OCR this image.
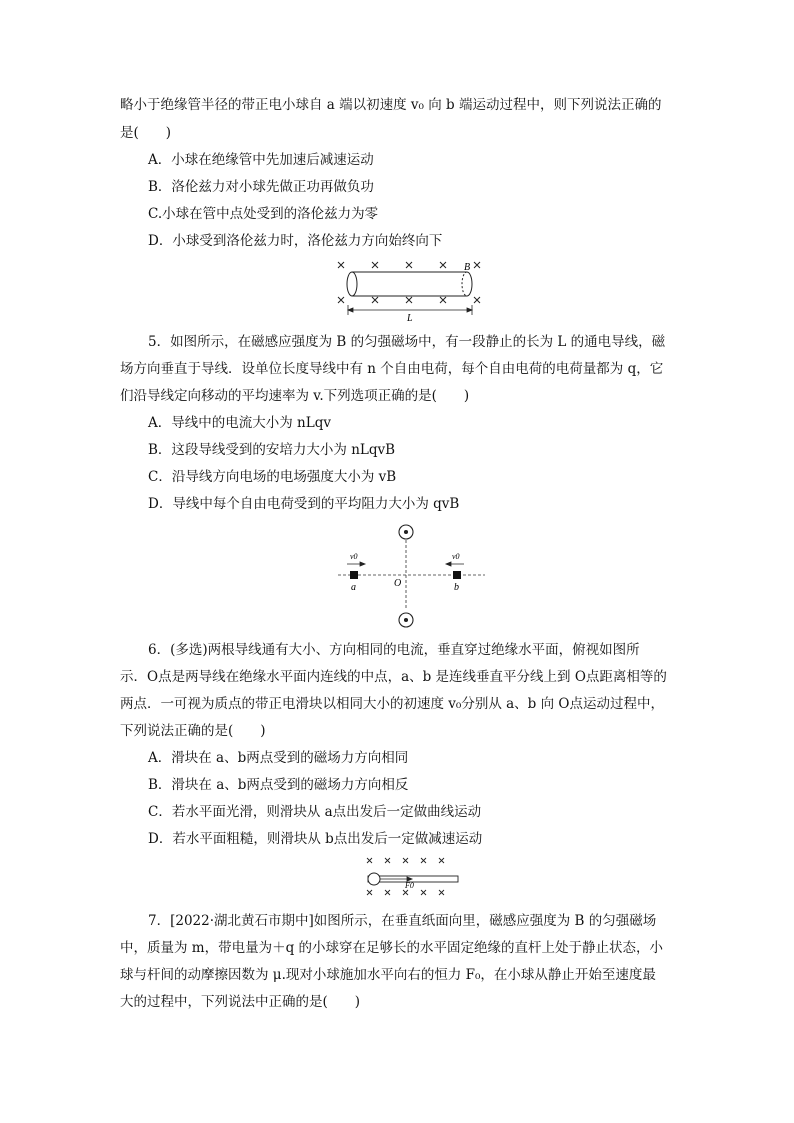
略小于绝缘管半径的带正电小球自 a 端以初速度 v₀ 向 b 端运动过程中，则下列说法正确的
是(　　)
A．小球在绝缘管中先加速后减速运动
B．洛伦兹力对小球先做正功再做负功
C.小球在管中点处受到的洛伦兹力为零
D．小球受到洛伦兹力时，洛伦兹力方向始终向下
B
L
5．如图所示，在磁感应强度为 B 的匀强磁场中，有一段静止的长为 L 的通电导线，磁
场方向垂直于导线．设单位长度导线中有 n 个自由电荷，每个自由电荷的电荷量都为 q，它
们沿导线定向移动的平均速率为 v.下列选项正确的是(　　)
A．导线中的电流大小为 nLqv
B．这段导线受到的安培力大小为 nLqvB
C．沿导线方向电场的电场强度大小为 vB
D．导线中每个自由电荷受到的平均阻力大小为 qvB
v0	v0
a	O	b
6．(多选)两根导线通有大小、方向相同的电流，垂直穿过绝缘水平面，俯视如图所
示．O点是两导线在绝缘水平面内连线的中点，a、b 是连线垂直平分线上到 O点距离相等的
两点．一可视为质点的带正电滑块以相同大小的初速度 v₀分别从 a、b 向 O点运动过程中，
下列说法正确的是(　　)
A．滑块在 a、b两点受到的磁场力方向相同
B．滑块在 a、b两点受到的磁场力方向相反
C．若水平面光滑，则滑块从 a点出发后一定做曲线运动
D．若水平面粗糙，则滑块从 b点出发后一定做减速运动
F0
7．[2022·湖北黄石市期中]如图所示，在垂直纸面向里，磁感应强度为 B 的匀强磁场
中，质量为 m，带电量为＋q 的小球穿在足够长的水平固定绝缘的直杆上处于静止状态，小
球与杆间的动摩擦因数为 μ.现对小球施加水平向右的恒力 F₀，在小球从静止开始至速度最
大的过程中，下列说法中正确的是(　　)
